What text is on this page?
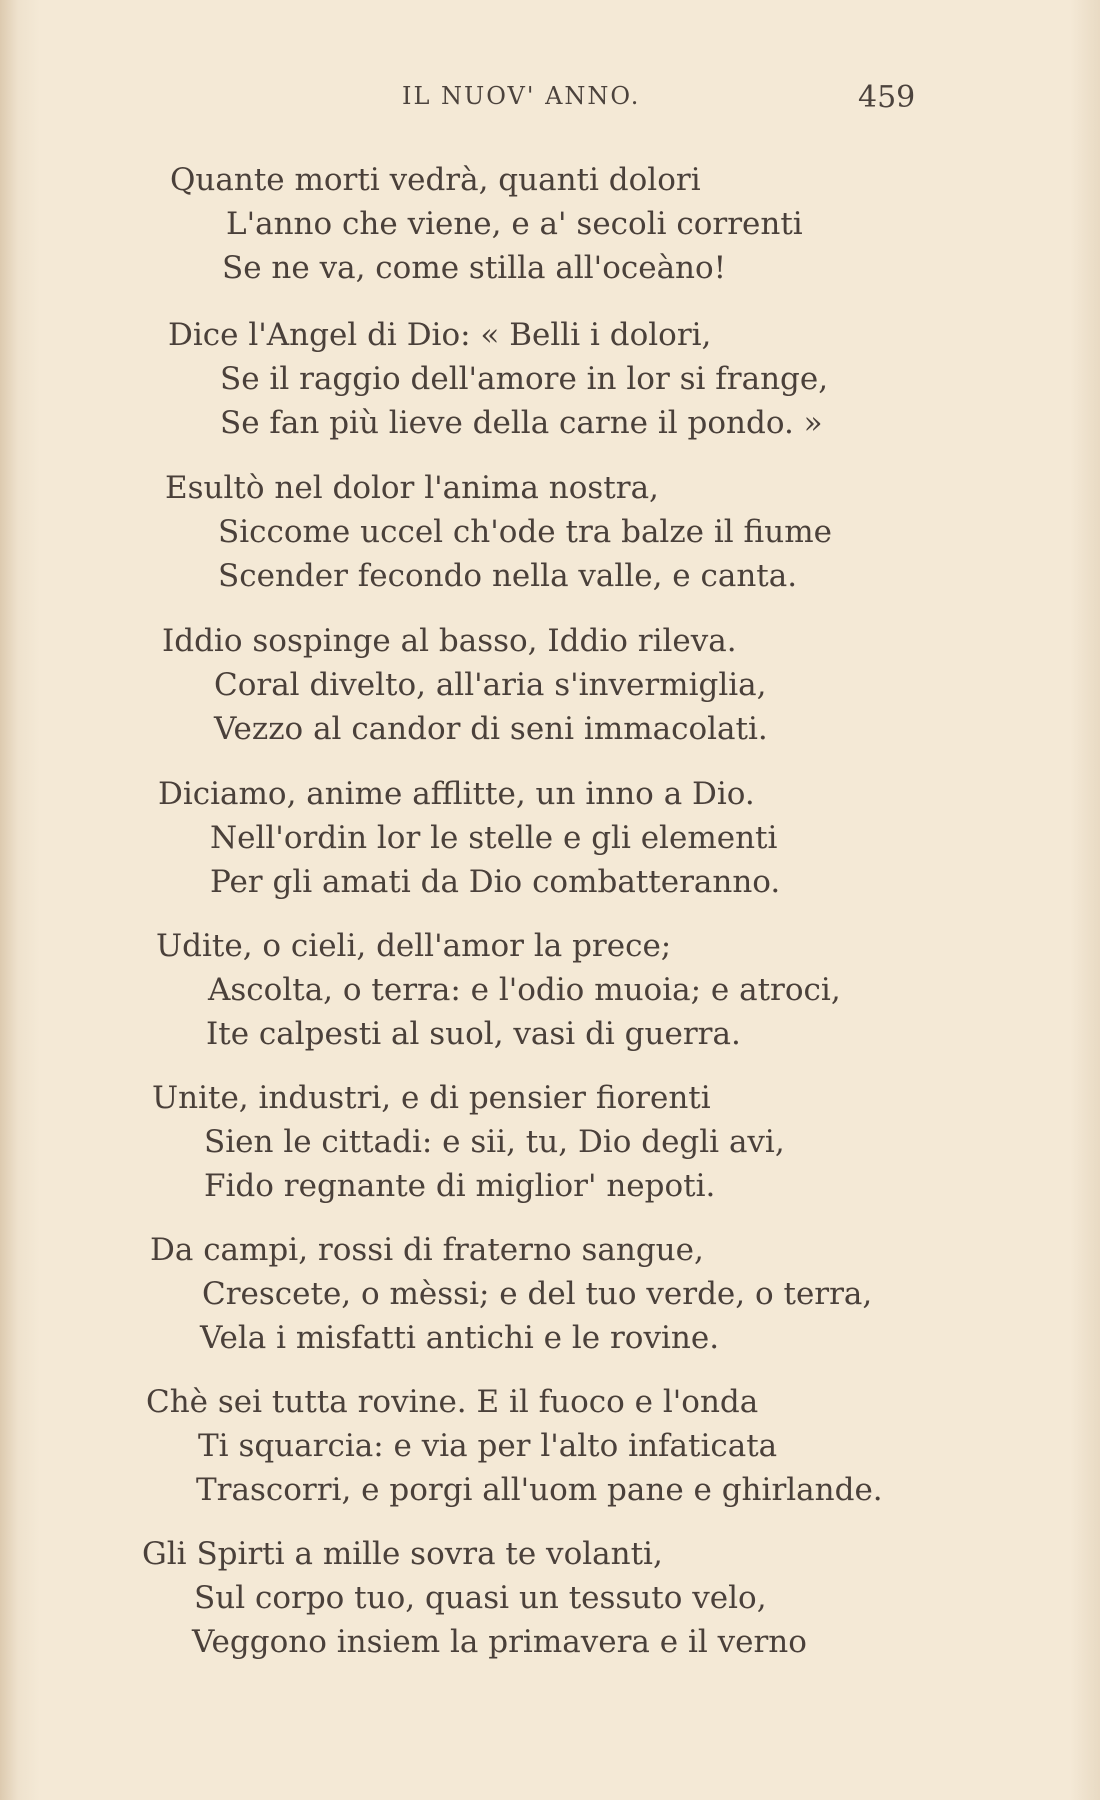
IL NUOV' ANNO.	459
Quante morti vedrà, quanti dolori
L'anno che viene, e a' secoli correnti
Se ne va, come stilla all'oceàno!
Dice l'Angel di Dio: « Belli i dolori,
Se il raggio dell'amore in lor si frange,
Se fan più lieve della carne il pondo. »
Esultò nel dolor l'anima nostra,
Siccome uccel ch'ode tra balze il fiume
Scender fecondo nella valle, e canta.
Iddio sospinge al basso, Iddio rileva.
Coral divelto, all'aria s'invermiglia,
Vezzo al candor di seni immacolati.
Diciamo, anime afflitte, un inno a Dio.
Nell'ordin lor le stelle e gli elementi
Per gli amati da Dio combatteranno.
Udite, o cieli, dell'amor la prece;
Ascolta, o terra: e l'odio muoia; e atroci,
Ite calpesti al suol, vasi di guerra.
Unite, industri, e di pensier fiorenti
Sien le cittadi: e sii, tu, Dio degli avi,
Fido regnante di miglior' nepoti.
Da campi, rossi di fraterno sangue,
Crescete, o mèssi; e del tuo verde, o terra,
Vela i misfatti antichi e le rovine.
Chè sei tutta rovine. E il fuoco e l'onda
Ti squarcia: e via per l'alto infaticata
Trascorri, e porgi all'uom pane e ghirlande.
Gli Spirti a mille sovra te volanti,
Sul corpo tuo, quasi un tessuto velo,
Veggono insiem la primavera e il verno
